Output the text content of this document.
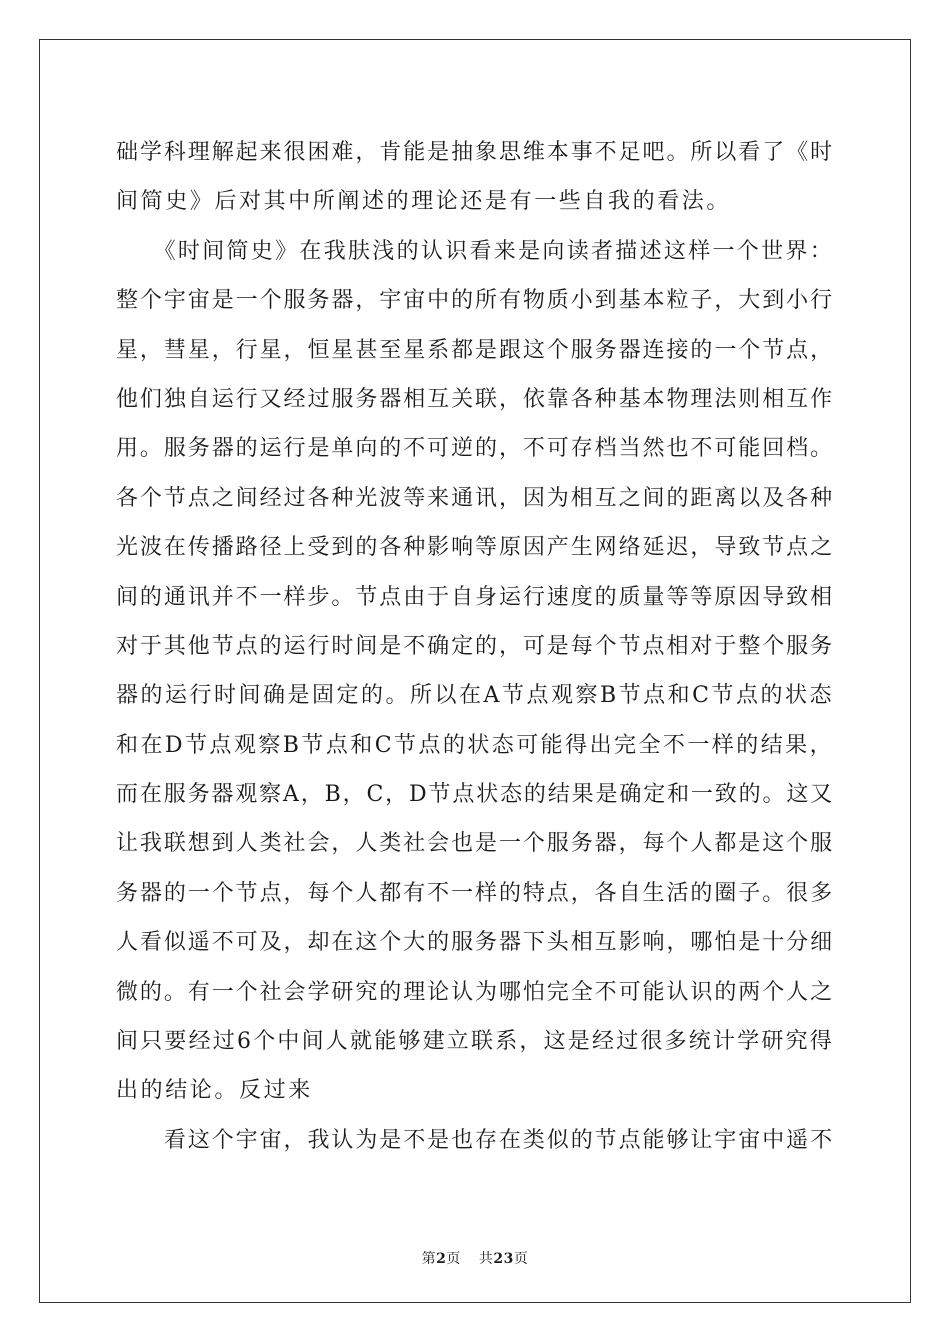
础学科理解起来很困难，肯能是抽象思维本事不足吧。所以看了《时
间简史》后对其中所阐述的理论还是有一些自我的看法。
　　《时间简史》在我肤浅的认识看来是向读者描述这样一个世界：
整个宇宙是一个服务器，宇宙中的所有物质小到基本粒子，大到小行
星，彗星，行星，恒星甚至星系都是跟这个服务器连接的一个节点，
他们独自运行又经过服务器相互关联，依靠各种基本物理法则相互作
用。服务器的运行是单向的不可逆的，不可存档当然也不可能回档。
各个节点之间经过各种光波等来通讯，因为相互之间的距离以及各种
光波在传播路径上受到的各种影响等原因产生网络延迟，导致节点之
间的通讯并不一样步。节点由于自身运行速度的质量等等原因导致相
对于其他节点的运行时间是不确定的，可是每个节点相对于整个服务
器的运行时间确是固定的。所以在A节点观察B节点和C节点的状态
和在D节点观察B节点和C节点的状态可能得出完全不一样的结果，
而在服务器观察A，B，C，D节点状态的结果是确定和一致的。这又
让我联想到人类社会，人类社会也是一个服务器，每个人都是这个服
务器的一个节点，每个人都有不一样的特点，各自生活的圈子。很多
人看似遥不可及，却在这个大的服务器下头相互影响，哪怕是十分细
微的。有一个社会学研究的理论认为哪怕完全不可能认识的两个人之
间只要经过6个中间人就能够建立联系，这是经过很多统计学研究得
出的结论。反过来
　　看这个宇宙，我认为是不是也存在类似的节点能够让宇宙中遥不
第2页 共23页
